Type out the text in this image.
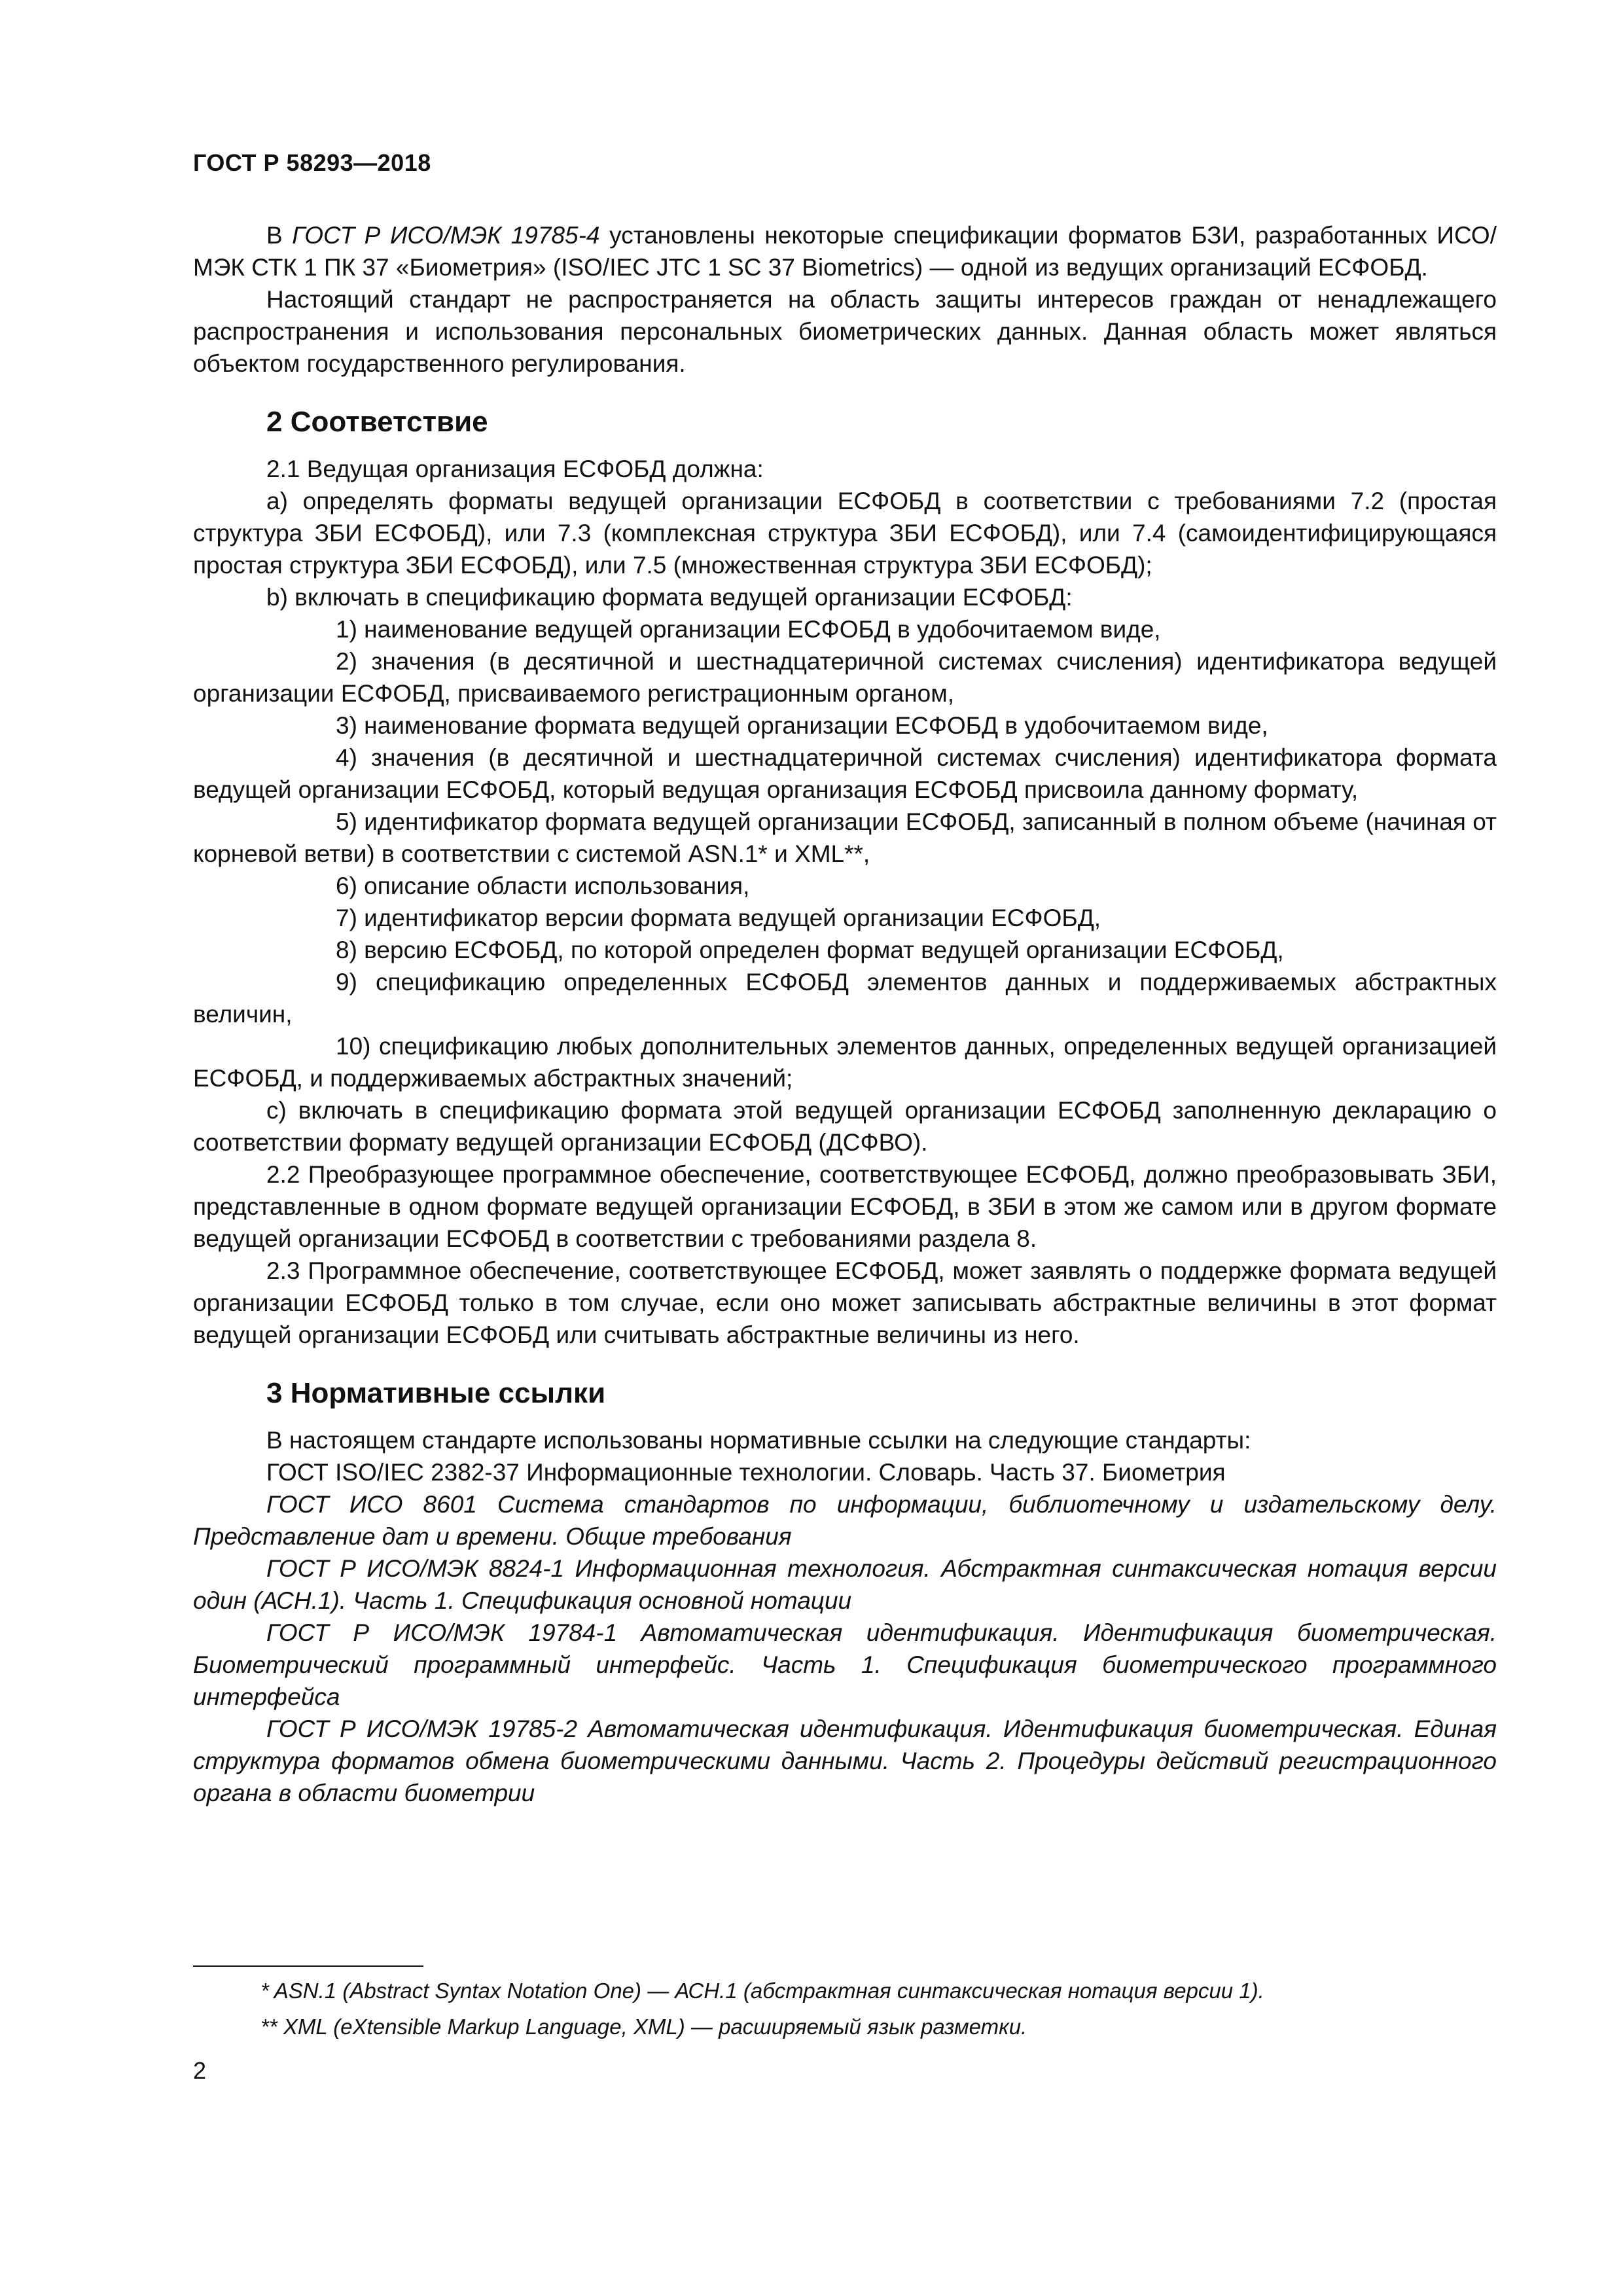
ГОСТ Р 58293—2018

В ГОСТ Р ИСО/МЭК 19785-4 установлены некоторые спецификации форматов БЗИ, разработанных ИСО/МЭК СТК 1 ПК 37 «Биометрия» (ISO/IEC JTC 1 SC 37 Biometrics) — одной из ведущих организаций ЕСФОБД.

Настоящий стандарт не распространяется на область защиты интересов граждан от ненадлежащего распространения и использования персональных биометрических данных. Данная область может являться объектом государственного регулирования.

2 Соответствие

2.1 Ведущая организация ЕСФОБД должна:

а) определять форматы ведущей организации ЕСФОБД в соответствии с требованиями 7.2 (простая структура ЗБИ ЕСФОБД), или 7.3 (комплексная структура ЗБИ ЕСФОБД), или 7.4 (самоидентифицирующаяся простая структура ЗБИ ЕСФОБД), или 7.5 (множественная структура ЗБИ ЕСФОБД);

b) включать в спецификацию формата ведущей организации ЕСФОБД:

1) наименование ведущей организации ЕСФОБД в удобочитаемом виде,

2) значения (в десятичной и шестнадцатеричной системах счисления) идентификатора ведущей организации ЕСФОБД, присваиваемого регистрационным органом,

3) наименование формата ведущей организации ЕСФОБД в удобочитаемом виде,

4) значения (в десятичной и шестнадцатеричной системах счисления) идентификатора формата ведущей организации ЕСФОБД, который ведущая организация ЕСФОБД присвоила данному формату,

5) идентификатор формата ведущей организации ЕСФОБД, записанный в полном объеме (начиная от корневой ветви) в соответствии с системой ASN.1* и XML**,

6) описание области использования,

7) идентификатор версии формата ведущей организации ЕСФОБД,

8) версию ЕСФОБД, по которой определен формат ведущей организации ЕСФОБД,

9) спецификацию определенных ЕСФОБД элементов данных и поддерживаемых абстрактных величин,

10) спецификацию любых дополнительных элементов данных, определенных ведущей организацией ЕСФОБД, и поддерживаемых абстрактных значений;

с) включать в спецификацию формата этой ведущей организации ЕСФОБД заполненную декларацию о соответствии формату ведущей организации ЕСФОБД (ДСФВО).

2.2 Преобразующее программное обеспечение, соответствующее ЕСФОБД, должно преобразовывать ЗБИ, представленные в одном формате ведущей организации ЕСФОБД, в ЗБИ в этом же самом или в другом формате ведущей организации ЕСФОБД в соответствии с требованиями раздела 8.

2.3 Программное обеспечение, соответствующее ЕСФОБД, может заявлять о поддержке формата ведущей организации ЕСФОБД только в том случае, если оно может записывать абстрактные величины в этот формат ведущей организации ЕСФОБД или считывать абстрактные величины из него.

3 Нормативные ссылки

В настоящем стандарте использованы нормативные ссылки на следующие стандарты:

ГОСТ ISO/IEC 2382-37 Информационные технологии. Словарь. Часть 37. Биометрия

ГОСТ ИСО 8601 Система стандартов по информации, библиотечному и издательскому делу. Представление дат и времени. Общие требования

ГОСТ Р ИСО/МЭК 8824-1 Информационная технология. Абстрактная синтаксическая нотация версии один (АСН.1). Часть 1. Спецификация основной нотации

ГОСТ Р ИСО/МЭК 19784-1 Автоматическая идентификация. Идентификация биометрическая. Биометрический программный интерфейс. Часть 1. Спецификация биометрического программного интерфейса

ГОСТ Р ИСО/МЭК 19785-2 Автоматическая идентификация. Идентификация биометрическая. Единая структура форматов обмена биометрическими данными. Часть 2. Процедуры действий регистрационного органа в области биометрии

* ASN.1 (Abstract Syntax Notation One) — АСН.1 (абстрактная синтаксическая нотация версии 1).

** XML (eXtensible Markup Language, XML) — расширяемый язык разметки.

2
